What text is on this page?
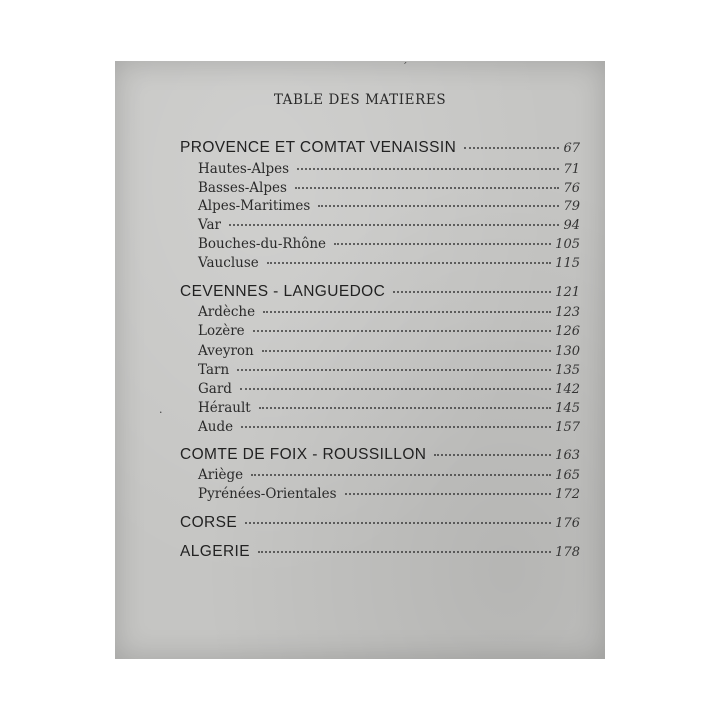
ˊ
·
TABLE DES MATIERES
PROVENCE ET COMTAT VENAISSIN	67
Hautes-Alpes	71
Basses-Alpes	76
Alpes-Maritimes	79
Var	94
Bouches-du-Rhône	105
Vaucluse	115
CEVENNES - LANGUEDOC	121
Ardèche	123
Lozère	126
Aveyron	130
Tarn	135
Gard	142
Hérault	145
Aude	157
COMTE DE FOIX - ROUSSILLON	163
Ariège	165
Pyrénées-Orientales	172
CORSE	176
ALGERIE	178
